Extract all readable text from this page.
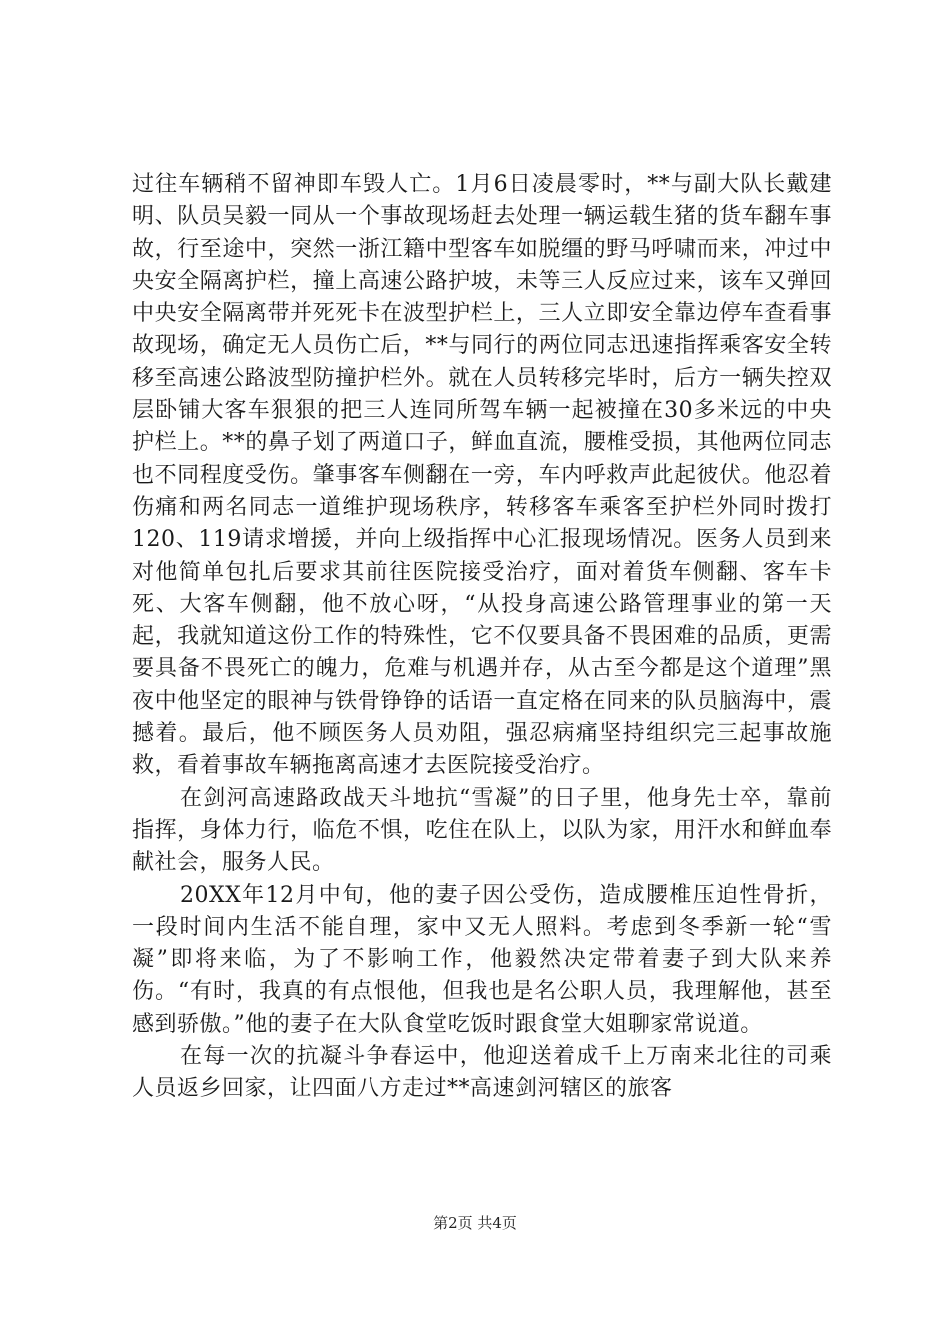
过往车辆稍不留神即车毁人亡。1月6日凌晨零时，**与副大队长戴建明、队员吴毅一同从一个事故现场赶去处理一辆运载生猪的货车翻车事故，行至途中，突然一浙江籍中型客车如脱缰的野马呼啸而来，冲过中央安全隔离护栏，撞上高速公路护坡，未等三人反应过来，该车又弹回中央安全隔离带并死死卡在波型护栏上，三人立即安全靠边停车查看事故现场，确定无人员伤亡后，**与同行的两位同志迅速指挥乘客安全转移至高速公路波型防撞护栏外。就在人员转移完毕时，后方一辆失控双层卧铺大客车狠狠的把三人连同所驾车辆一起被撞在30多米远的中央护栏上。**的鼻子划了两道口子，鲜血直流，腰椎受损，其他两位同志也不同程度受伤。肇事客车侧翻在一旁，车内呼救声此起彼伏。他忍着伤痛和两名同志一道维护现场秩序，转移客车乘客至护栏外同时拨打120、119请求增援，并向上级指挥中心汇报现场情况。医务人员到来对他简单包扎后要求其前往医院接受治疗，面对着货车侧翻、客车卡死、大客车侧翻，他不放心呀，“从投身高速公路管理事业的第一天起，我就知道这份工作的特殊性，它不仅要具备不畏困难的品质，更需要具备不畏死亡的魄力，危难与机遇并存，从古至今都是这个道理”黑夜中他坚定的眼神与铁骨铮铮的话语一直定格在同来的队员脑海中，震撼着。最后，他不顾医务人员劝阻，强忍病痛坚持组织完三起事故施救，看着事故车辆拖离高速才去医院接受治疗。

在剑河高速路政战天斗地抗“雪凝”的日子里，他身先士卒，靠前指挥，身体力行，临危不惧，吃住在队上，以队为家，用汗水和鲜血奉献社会，服务人民。

20XX年12月中旬，他的妻子因公受伤，造成腰椎压迫性骨折，一段时间内生活不能自理，家中又无人照料。考虑到冬季新一轮“雪凝”即将来临，为了不影响工作，他毅然决定带着妻子到大队来养伤。“有时，我真的有点恨他，但我也是名公职人员，我理解他，甚至感到骄傲。”他的妻子在大队食堂吃饭时跟食堂大姐聊家常说道。

在每一次的抗凝斗争春运中，他迎送着成千上万南来北往的司乘人员返乡回家，让四面八方走过**高速剑河辖区的旅客

第2页 共4页
